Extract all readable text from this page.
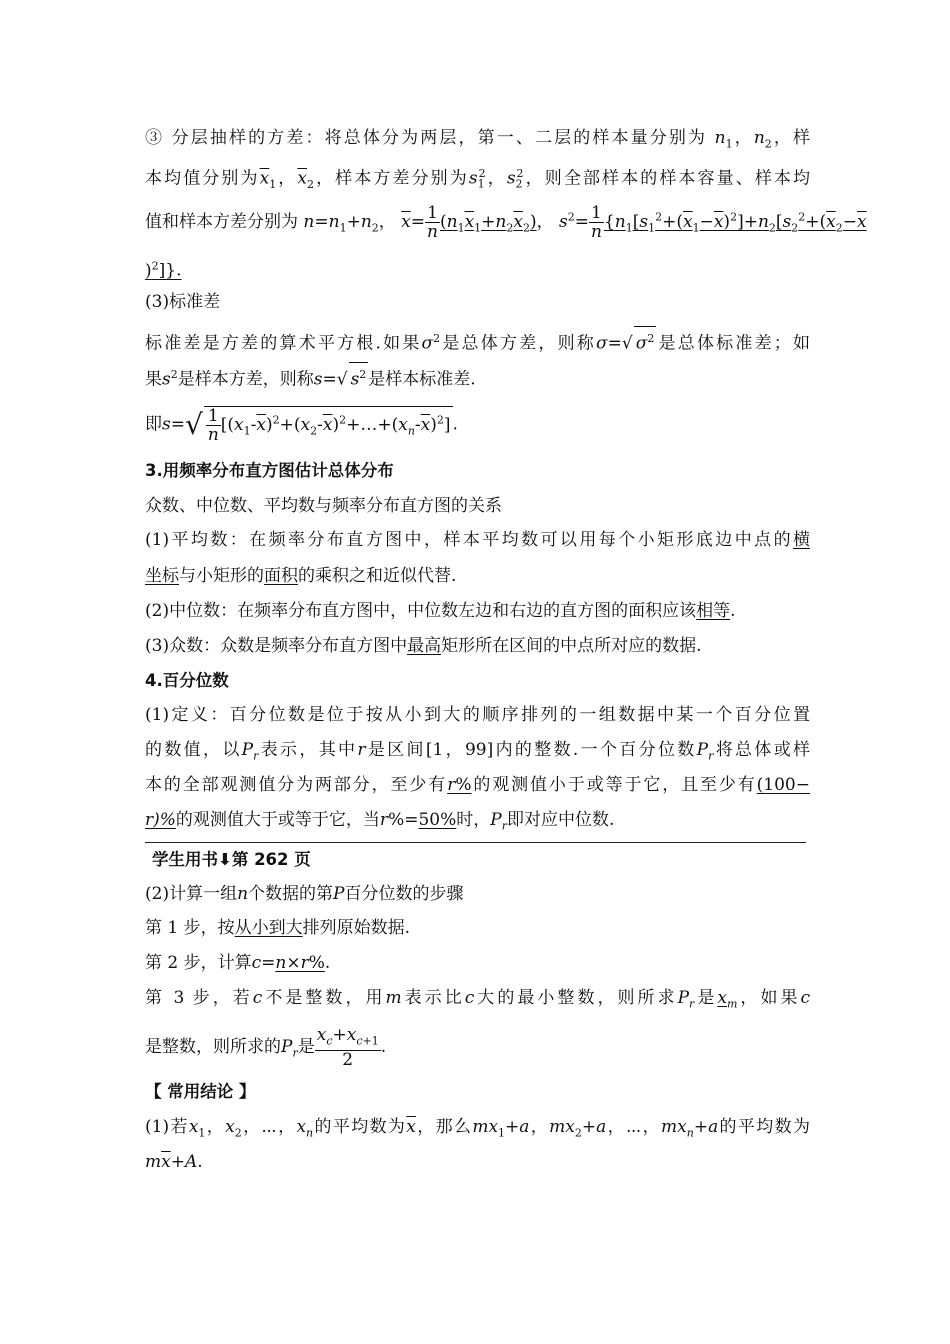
③ 分层抽样的方差：将总体分为两层，第一、二层的样本量分别为 $n_1$，$n_2$，样
本均值分别为$\overline{x}_1$，$\overline{x}_2$，样本方差分别为$s_1^2$，$s_2^2$，则全部样本的样本容量、样本均
值和样本方差分别为 $n=n_1+n_2$， $\overline{x}= \frac{1}{n} (n_1x_1+n_2x_2)$， $s^2= \frac{1}{n} \{n_1[s_1^2+(x_1-x)^2]+n_2[s_2^2+(x_2-x$
)$^2$]}.
(3)标准差
标准差是方差的算术平方根.如果$\sigma^2$是总体方差，则称σ=√ $\sigma^2$ 是总体标准差；如
果$s^2$是样本方差，则称s=√ $s^2$ 是样本标准差.
即$s=√ \frac{1}{n}$ $[(x_1-\overline{x})^2+(x_2-\overline{x})^2+\dots+(x_n-\overline{x})^2]$ .
3.用频率分布直方图估计总体分布
众数、中位数、平均数与频率分布直方图的关系
(1)平均数：在频率分布直方图中，样本平均数可以用每个小矩形底边中点的横
坐标与小矩形的面积的乘积之和近似代替.
(2)中位数：在频率分布直方图中，中位数左边和右边的直方图的面积应该相等.
(3)众数：众数是频率分布直方图中最高矩形所在区间的中点所对应的数据.
4.百分位数
(1)定义：百分位数是位于按从小到大的顺序排列的一组数据中某一个百分位置
的数值，以$P_r$表示，其中r是区间[1，99]内的整数.一个百分位数$P_r$将总体或样
本的全部观测值分为两部分，至少有r%的观测值小于或等于它，且至少有(100−
r)%的观测值大于或等于它，当r%=50%时，$P_r$即对应中位数.
学生用书⬇第 262 页
(2)计算一组n个数据的第P百分位数的步骤
第 1 步，按从小到大排列原始数据.
第 2 步，计算c=n×r%.
第 3 步，若c不是整数，用m表示比c大的最小整数，则所求$P_r$是$x_m$，如果c
是整数，则所求的$P_r$是 $\frac{x_c+x_{c+1}}{2}$ .
【 常用结论 】
(1)若$x_1$，$x_2$，⋯，$x_n$的平均数为$\overline{x}$，那么$mx_1+a$，$mx_2+a$，⋯，$mx_n+a$的平均数为
$m\overline{x}+A$.
